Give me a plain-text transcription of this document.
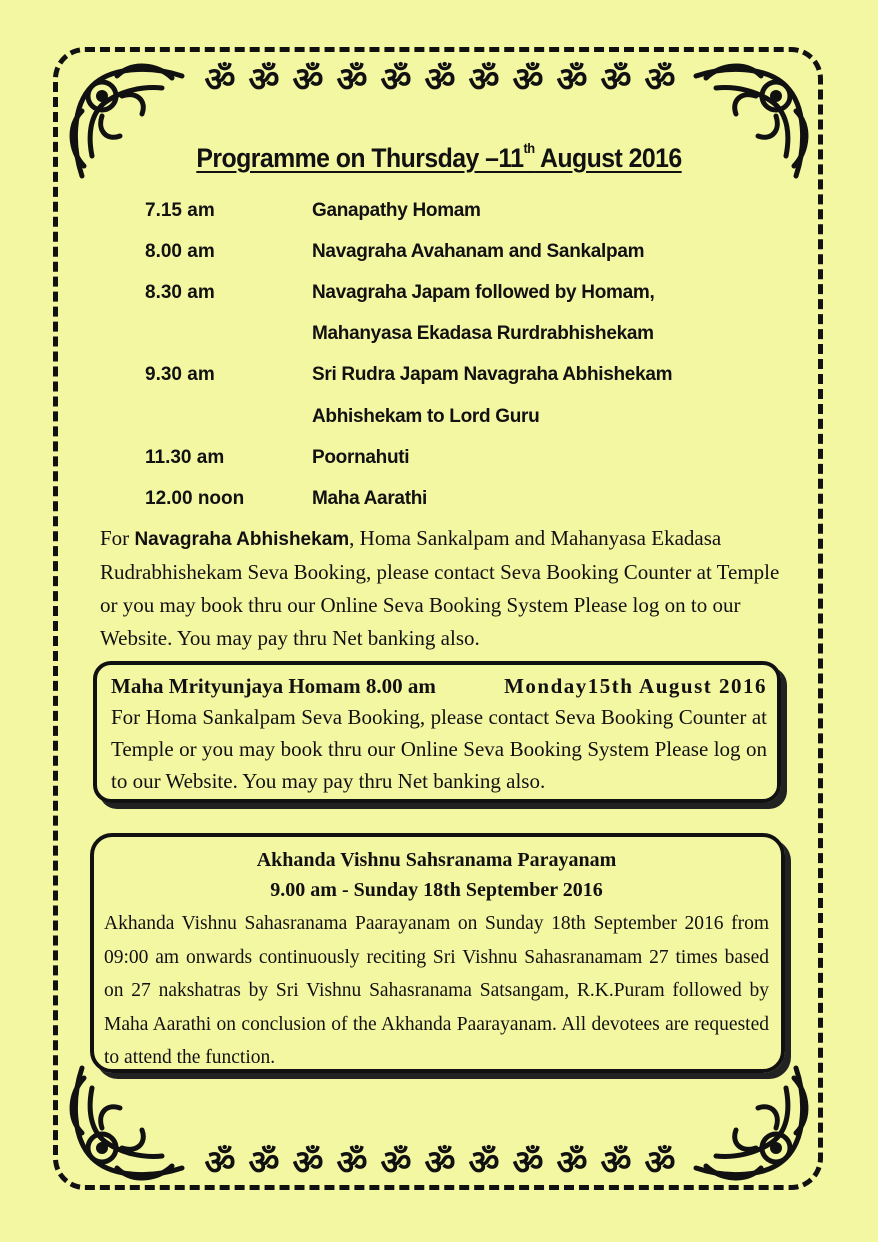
ॐ ॐ ॐ ॐ ॐ ॐ ॐ ॐ ॐ ॐ ॐ
ॐ ॐ ॐ ॐ ॐ ॐ ॐ ॐ ॐ ॐ ॐ
Programme on Thursday –11th August 2016
7.15 am	Ganapathy Homam
8.00 am	Navagraha Avahanam and Sankalpam
8.30 am	Navagraha Japam followed by Homam,
Mahanyasa Ekadasa Rurdrabhishekam
9.30 am	Sri Rudra Japam Navagraha Abhishekam
Abhishekam to Lord Guru
11.30 am	Poornahuti
12.00 noon	Maha Aarathi
For Navagraha Abhishekam, Homa Sankalpam and Mahanyasa Ekadasa Rudrabhishekam Seva Booking, please contact Seva Booking Counter at Temple or you may book thru our Online Seva Booking System Please log on to our Website. You may pay thru Net banking also.
Maha Mrityunjaya Homam 8.00 am	Monday15th August 2016
For Homa Sankalpam Seva Booking, please contact Seva Booking Counter at Temple or you may book thru our Online Seva Booking System Please log on to our Website. You may pay thru Net banking also.
Akhanda Vishnu Sahsranama Parayanam
9.00 am - Sunday 18th September 2016
Akhanda Vishnu Sahasranama Paarayanam on Sunday 18th September 2016 from 09:00 am onwards continuously reciting Sri Vishnu Sahasranamam 27 times based on 27 nakshatras by Sri Vishnu Sahasranama Satsangam, R.K.Puram followed by Maha Aarathi on conclusion of the Akhanda Paarayanam. All devotees are requested to attend the function.
